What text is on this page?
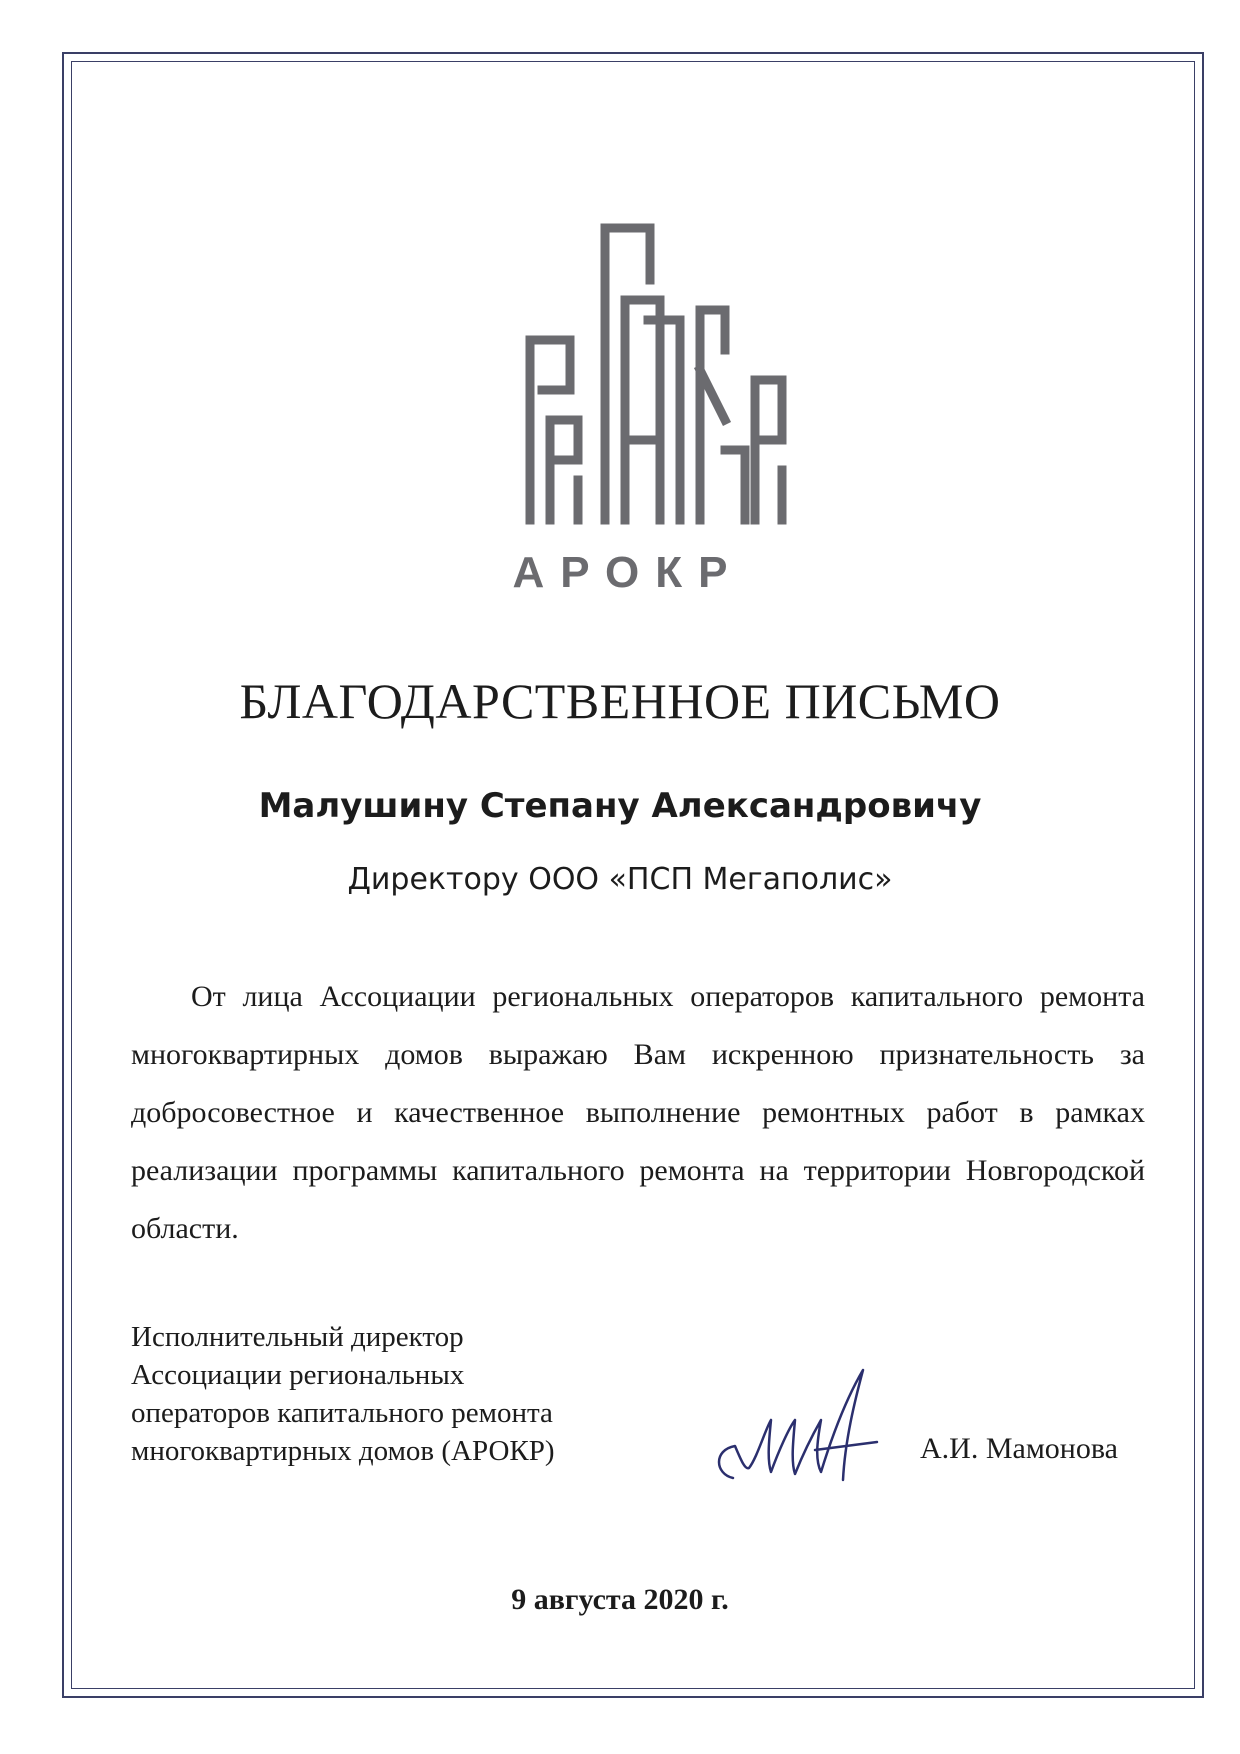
АРОКР
БЛАГОДАРСТВЕННОЕ ПИСЬМО
Малушину Степану Александровичу
Директору ООО «ПСП Мегаполис»

От лица Ассоциации региональных операторов капитального ремонта многоквартирных домов выражаю Вам искренною признательность за добросовестное и качественное выполнение ремонтных работ в рамках реализации программы капитального ремонта на территории Новгородской области.

Исполнительный директор
Ассоциации региональных
операторов капитального ремонта
многоквартирных домов (АРОКР)	А.И. Мамонова
9 августа 2020 г.
